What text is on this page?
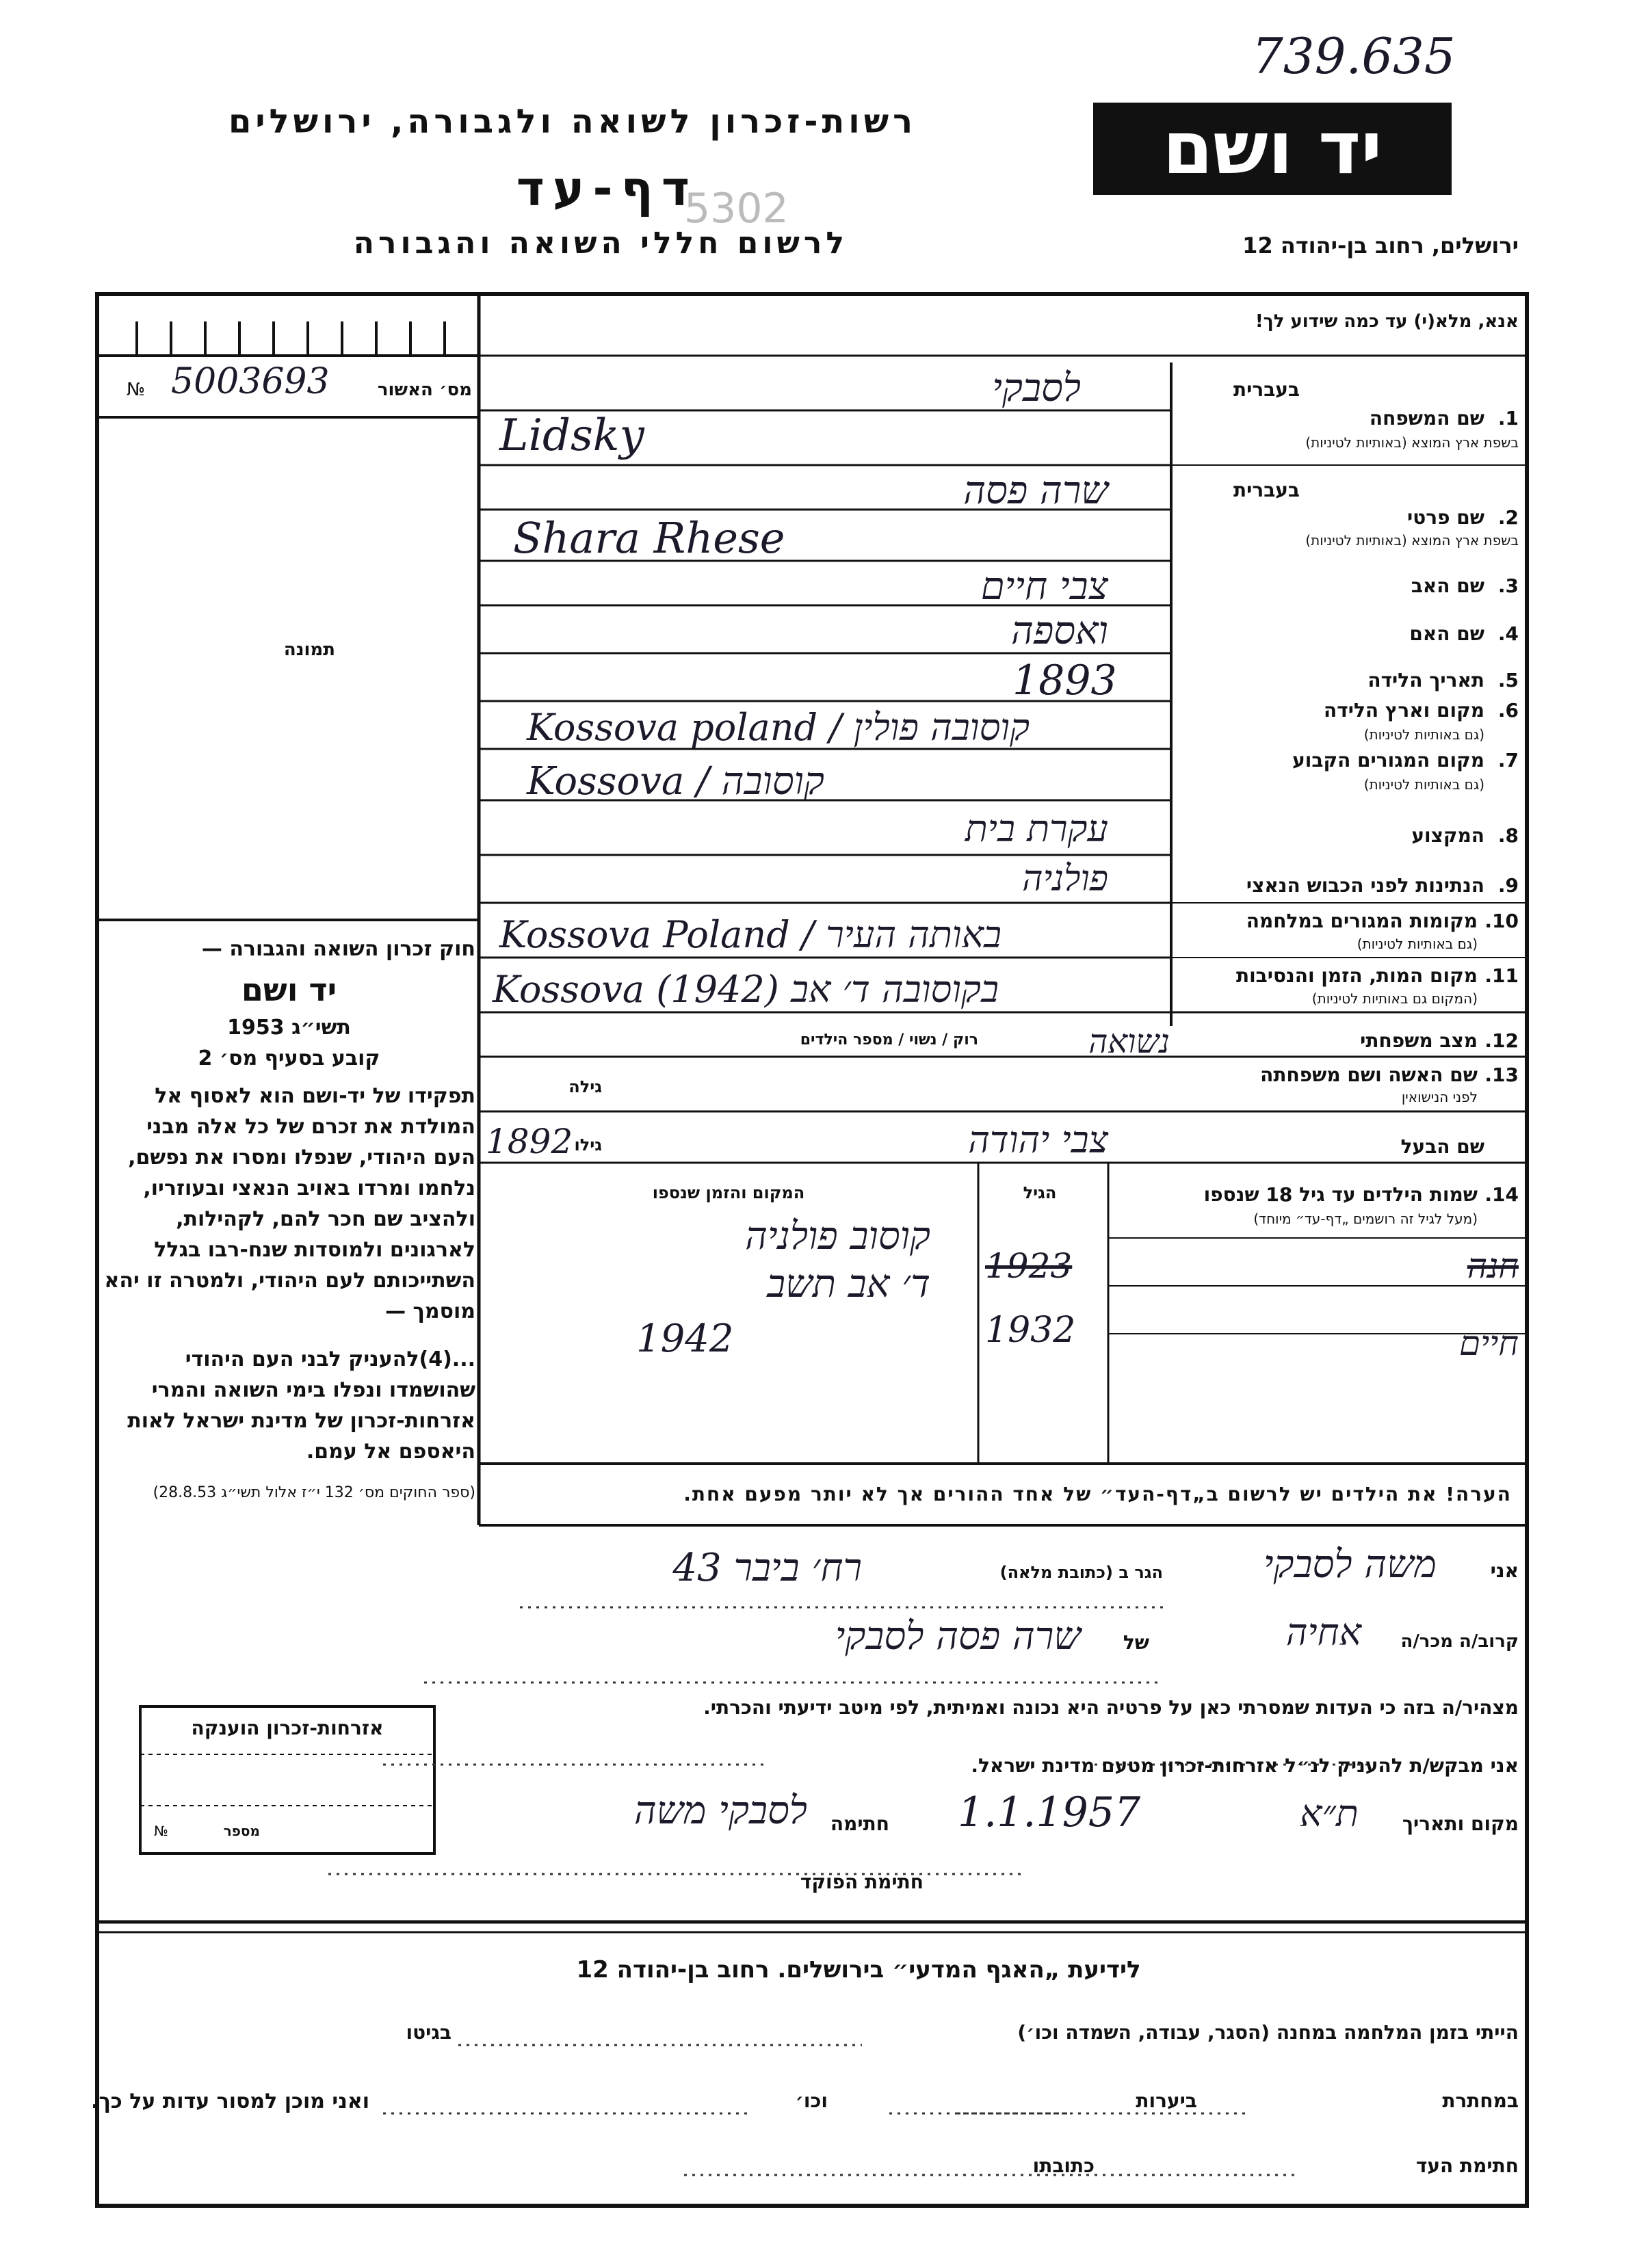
739.635
רשות-זכרון לשואה ולגבורה, ירושלים
דף-עד
5302
לרשום חללי השואה והגבורה
יד ושם
ירושלים, רחוב בן-יהודה 12
אנא, מלא(י) עד כמה שידוע לך!
מס׳ האשור
5003693
№
תמונה
חוק זכרון השואה והגבורה —
יד ושם
תשי״ג 1953
קובע בסעיף מס׳ 2
תפקידו של יד-ושם הוא לאסוף אל המולדת את זכרם של כל אלה מבני העם היהודי, שנפלו ומסרו את נפשם, נלחמו ומרדו באויב הנאצי ובעוזריו, ולהציב שם חכר להם, לקהילות, לארגונים ולמוסדות שנח-רבו בגלל השתייכותם לעם היהודי, ולמטרה זו יהא מוסמך —
...(4)להעניק לבני העם היהודי שהושמדו ונפלו בימי השואה והמרי אזרחות-זכרון של מדינת ישראל לאות היאספם אל עמם.
(ספר החוקים מס׳ 132 י״ז אלול תשי״ג 28.8.53)
בעברית
1.
שם המשפחה
בשפת ארץ המוצא (באותיות לטיניות)
בעברית
2.
שם פרטי
בשפת ארץ המוצא (באותיות לטיניות)
3.
שם האב
4.
שם האם
5.
תאריך הלידה
6.
מקום וארץ הלידה
(גם באותיות לטיניות)
7.
מקום המגורים הקבוע
(גם באותיות לטיניות)
8.
המקצוע
9.
הנתינות לפני הכבוש הנאצי
10.
מקומות המגורים במלחמה
(גם באותיות לטיניות)
11.
מקום המות, הזמן והנסיבות
(המקום גם באותיות לטיניות)
12.
מצב משפחתי
רוק / נשוי / מספר הילדים
13.
שם האשה ושם משפחתה
לפני הנישואין
גילה
שם הבעל
גילו
14.
שמות הילדים עד גיל 18 שנספו
(מעל לגיל זה רושמים „דף-עד״ מיוחד)
הגיל
המקום והזמן שנספו
לסבקי
Lidsky
שרה פסה
Shara Rhese
צבי חיים
ואספה
1893
Kossova poland / קוסובה פולין
Kossova / קוסובה
עקרת בית
פולניה
Kossova Poland / באותה העיר
Kossova (1942) בקוסובה ד׳ אב
נשואה
1892	צבי יהודה
קוסוב פולניה
חנה
1923
ד׳ אב תשב
חיים
1932
1942
הערה! את הילדים יש לרשום ב„דף-העד״ של אחד ההורים אך לא יותר מפעם אחת.
אני
משה לסבקי
הגר ב (כתובת מלאה)
רח׳ ביבר 43
קרוב/ה מכר/ה
אחיה
של
שרה פסה לסבקי
מצהיר/ה בזה כי העדות שמסרתי כאן על פרטיה היא נכונה ואמיתית, לפי מיטב ידיעתי והכרתי.
אני מבקש/ת להעניק לנ״ל אזרחות-זכרון מטעם מדינת ישראל.
מקום ותאריך
ת״א
1.1.1957
חתימה
לסבקי משה
חתימת הפוקד
אזרחות-זכרון הוענקה
מספר
№
לידיעת „האגף המדעי״ בירושלים. רחוב בן-יהודה 12
הייתי בזמן המלחמה במחנה (הסגר, עבודה, השמדה וכו׳)
בגיטו
במחתרת
ביערות
וכו׳
ואני מוכן למסור עדות על כך.
חתימת העד
כתובתו
